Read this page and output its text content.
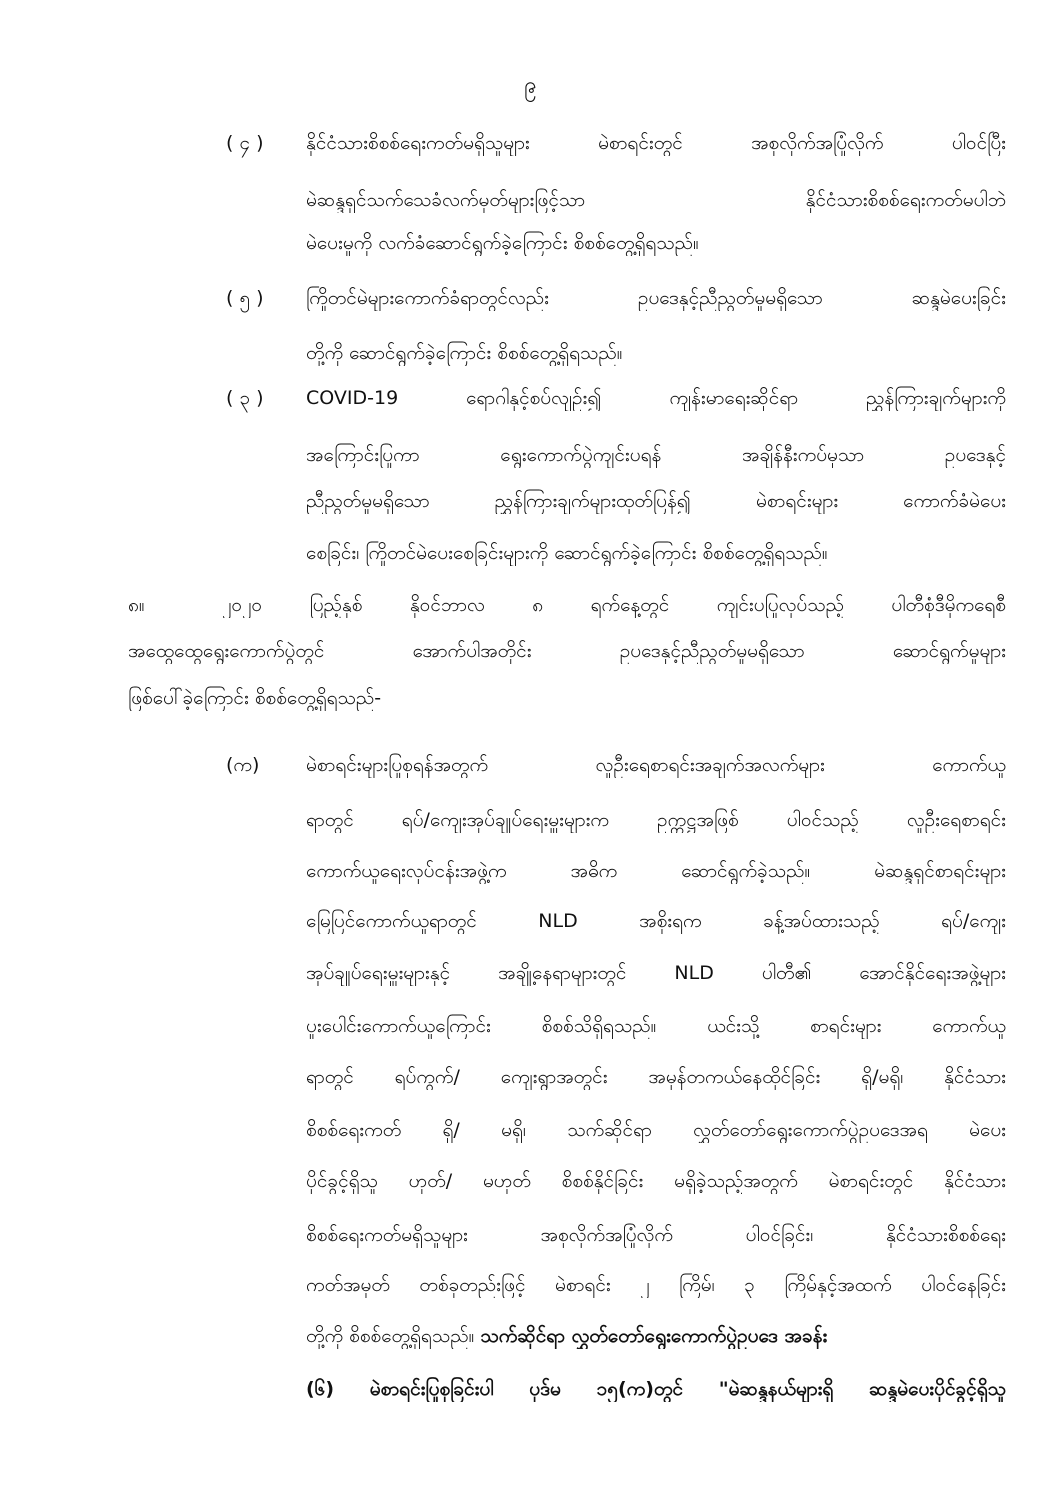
၉
( ၄ ) နိုင်ငံသားစိစစ်ရေးကတ်မရှိသူများ မဲစာရင်းတွင် အစုလိုက်အပြုံလိုက် ပါဝင်ပြီး
မဲဆန္ဒရှင်သက်သေခံလက်မှတ်များဖြင့်သာ နိုင်ငံသားစိစစ်ရေးကတ်မပါဘဲ
မဲပေးမှုကို လက်ခံဆောင်ရွက်ခဲ့ကြောင်း စိစစ်တွေ့ရှိရသည်။
( ၅ ) ကြိုတင်မဲများကောက်ခံရာတွင်လည်း ဥပဒေနှင့်ညီညွတ်မှုမရှိသော ဆန္ဒမဲပေးခြင်း
တို့ကို ဆောင်ရွက်ခဲ့ကြောင်း စိစစ်တွေ့ရှိရသည်။
( ၃ ) COVID-19 ရောဂါနှင့်စပ်လျဉ်း၍ ကျန်းမာရေးဆိုင်ရာ ညွှန်ကြားချက်များကို
အကြောင်းပြုကာ ရွေးကောက်ပွဲကျင်းပရန် အချိန်နီးကပ်မှသာ ဥပဒေနှင့်
ညီညွတ်မှုမရှိသော ညွှန်ကြားချက်များထုတ်ပြန်၍ မဲစာရင်းများ ကောက်ခံမဲပေး
စေခြင်း၊ ကြိုတင်မဲပေးစေခြင်းများကို ဆောင်ရွက်ခဲ့ကြောင်း စိစစ်တွေ့ရှိရသည်။
၈။	၂၀၂၀ ပြည့်နှစ် နိုဝင်ဘာလ ၈ ရက်နေ့တွင် ကျင်းပပြုလုပ်သည့် ပါတီစုံဒီမိုကရေစီ
အထွေထွေရွေးကောက်ပွဲတွင် အောက်ပါအတိုင်း ဥပဒေနှင့်ညီညွတ်မှုမရှိသော ဆောင်ရွက်မှုများ
ဖြစ်ပေါ်ခဲ့ကြောင်း စိစစ်တွေ့ရှိရသည်-
(က) မဲစာရင်းများပြုစုရန်အတွက် လူဦးရေစာရင်းအချက်အလက်များ ကောက်ယူ
ရာတွင် ရပ်/ကျေးအုပ်ချုပ်ရေးမှူးများက ဥက္ကဋ္ဌအဖြစ် ပါဝင်သည့် လူဦးရေစာရင်း
ကောက်ယူရေးလုပ်ငန်းအဖွဲ့က အဓိက ဆောင်ရွက်ခဲ့သည်။ မဲဆန္ဒရှင်စာရင်းများ
မြေပြင်ကောက်ယူရာတွင် NLD အစိုးရက ခန့်အပ်ထားသည့် ရပ်/ကျေး
အုပ်ချုပ်ရေးမှူးများနှင့် အချို့နေရာများတွင် NLD ပါတီ၏ အောင်နိုင်ရေးအဖွဲ့များ
ပူးပေါင်းကောက်ယူကြောင်း စိစစ်သိရှိရသည်။ ယင်းသို့ စာရင်းများ ကောက်ယူ
ရာတွင် ရပ်ကွက်/ ကျေးရွာအတွင်း အမှန်တကယ်နေထိုင်ခြင်း ရှိ/မရှိ၊ နိုင်ငံသား
စိစစ်ရေးကတ် ရှိ/ မရှိ၊ သက်ဆိုင်ရာ လွှတ်တော်ရွေးကောက်ပွဲဥပဒေအရ မဲပေး
ပိုင်ခွင့်ရှိသူ ဟုတ်/ မဟုတ် စိစစ်နိုင်ခြင်း မရှိခဲ့သည့်အတွက် မဲစာရင်းတွင် နိုင်ငံသား
စိစစ်ရေးကတ်မရှိသူများ အစုလိုက်အပြုံလိုက် ပါဝင်ခြင်း၊ နိုင်ငံသားစိစစ်ရေး
ကတ်အမှတ် တစ်ခုတည်းဖြင့် မဲစာရင်း ၂ ကြိမ်၊ ၃ ကြိမ်နှင့်အထက် ပါဝင်နေခြင်း
တို့ကို စိစစ်တွေ့ရှိရသည်။ သက်ဆိုင်ရာ လွှတ်တော်ရွေးကောက်ပွဲဥပဒေ အခန်း
(၆) မဲစာရင်းပြုစုခြင်းပါ ပုဒ်မ ၁၅(က)တွင် "မဲဆန္ဒနယ်များရှိ ဆန္ဒမဲပေးပိုင်ခွင့်ရှိသူ
